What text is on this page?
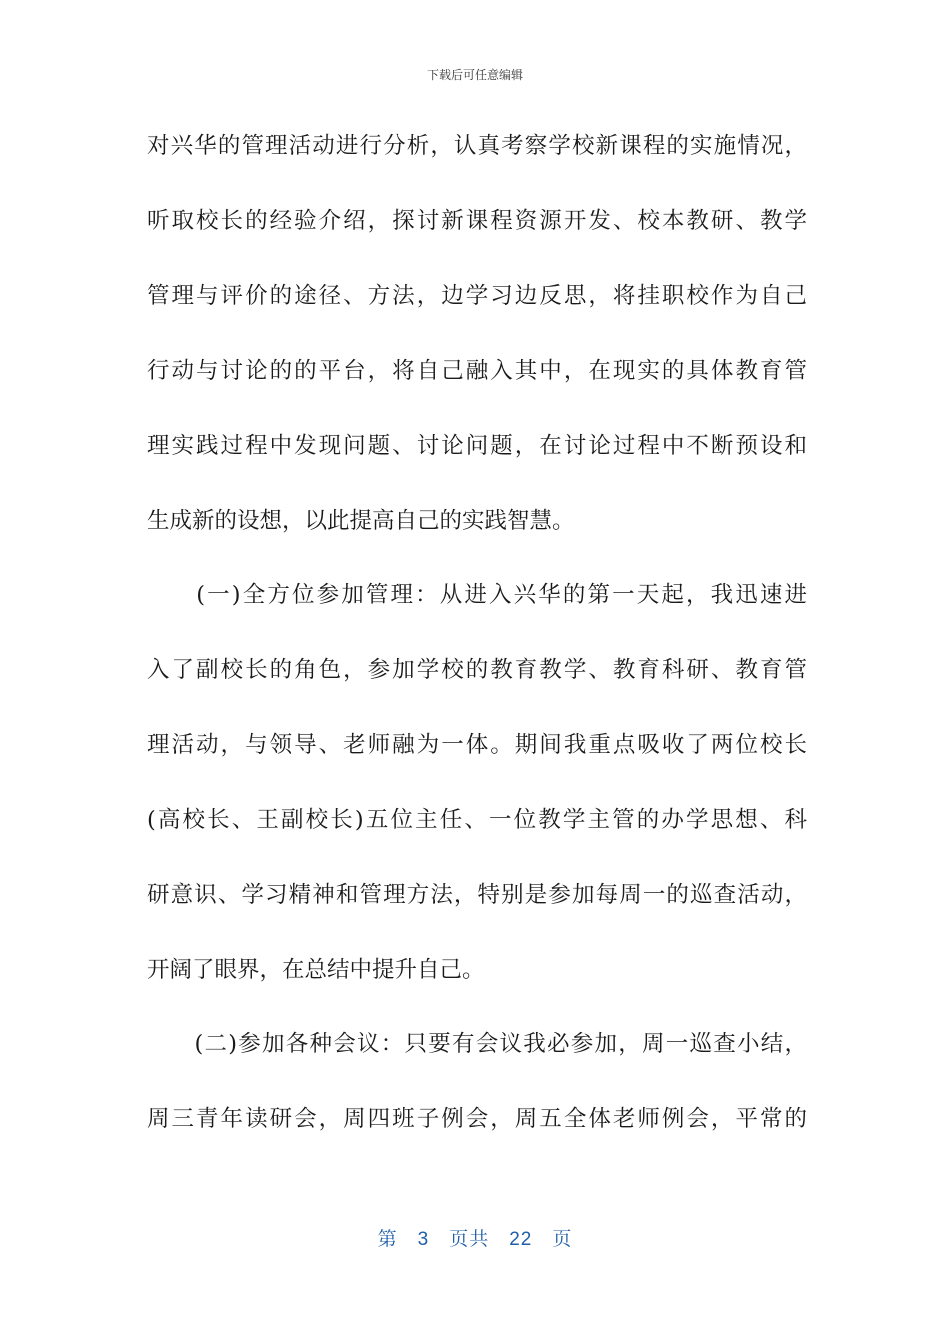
下载后可任意编辑
对兴华的管理活动进行分析，认真考察学校新课程的实施情况，
听取校长的经验介绍，探讨新课程资源开发、校本教研、教学
管理与评价的途径、方法，边学习边反思，将挂职校作为自己
行动与讨论的的平台，将自己融入其中，在现实的具体教育管
理实践过程中发现问题、讨论问题，在讨论过程中不断预设和
生成新的设想，以此提高自己的实践智慧。
　　(一)全方位参加管理：从进入兴华的第一天起，我迅速进
入了副校长的角色，参加学校的教育教学、教育科研、教育管
理活动，与领导、老师融为一体。期间我重点吸收了两位校长
(高校长、王副校长)五位主任、一位教学主管的办学思想、科
研意识、学习精神和管理方法，特别是参加每周一的巡查活动，
开阔了眼界，在总结中提升自己。
　　(二)参加各种会议：只要有会议我必参加，周一巡查小结，
周三青年读研会，周四班子例会，周五全体老师例会，平常的
第 3 页共 22 页
